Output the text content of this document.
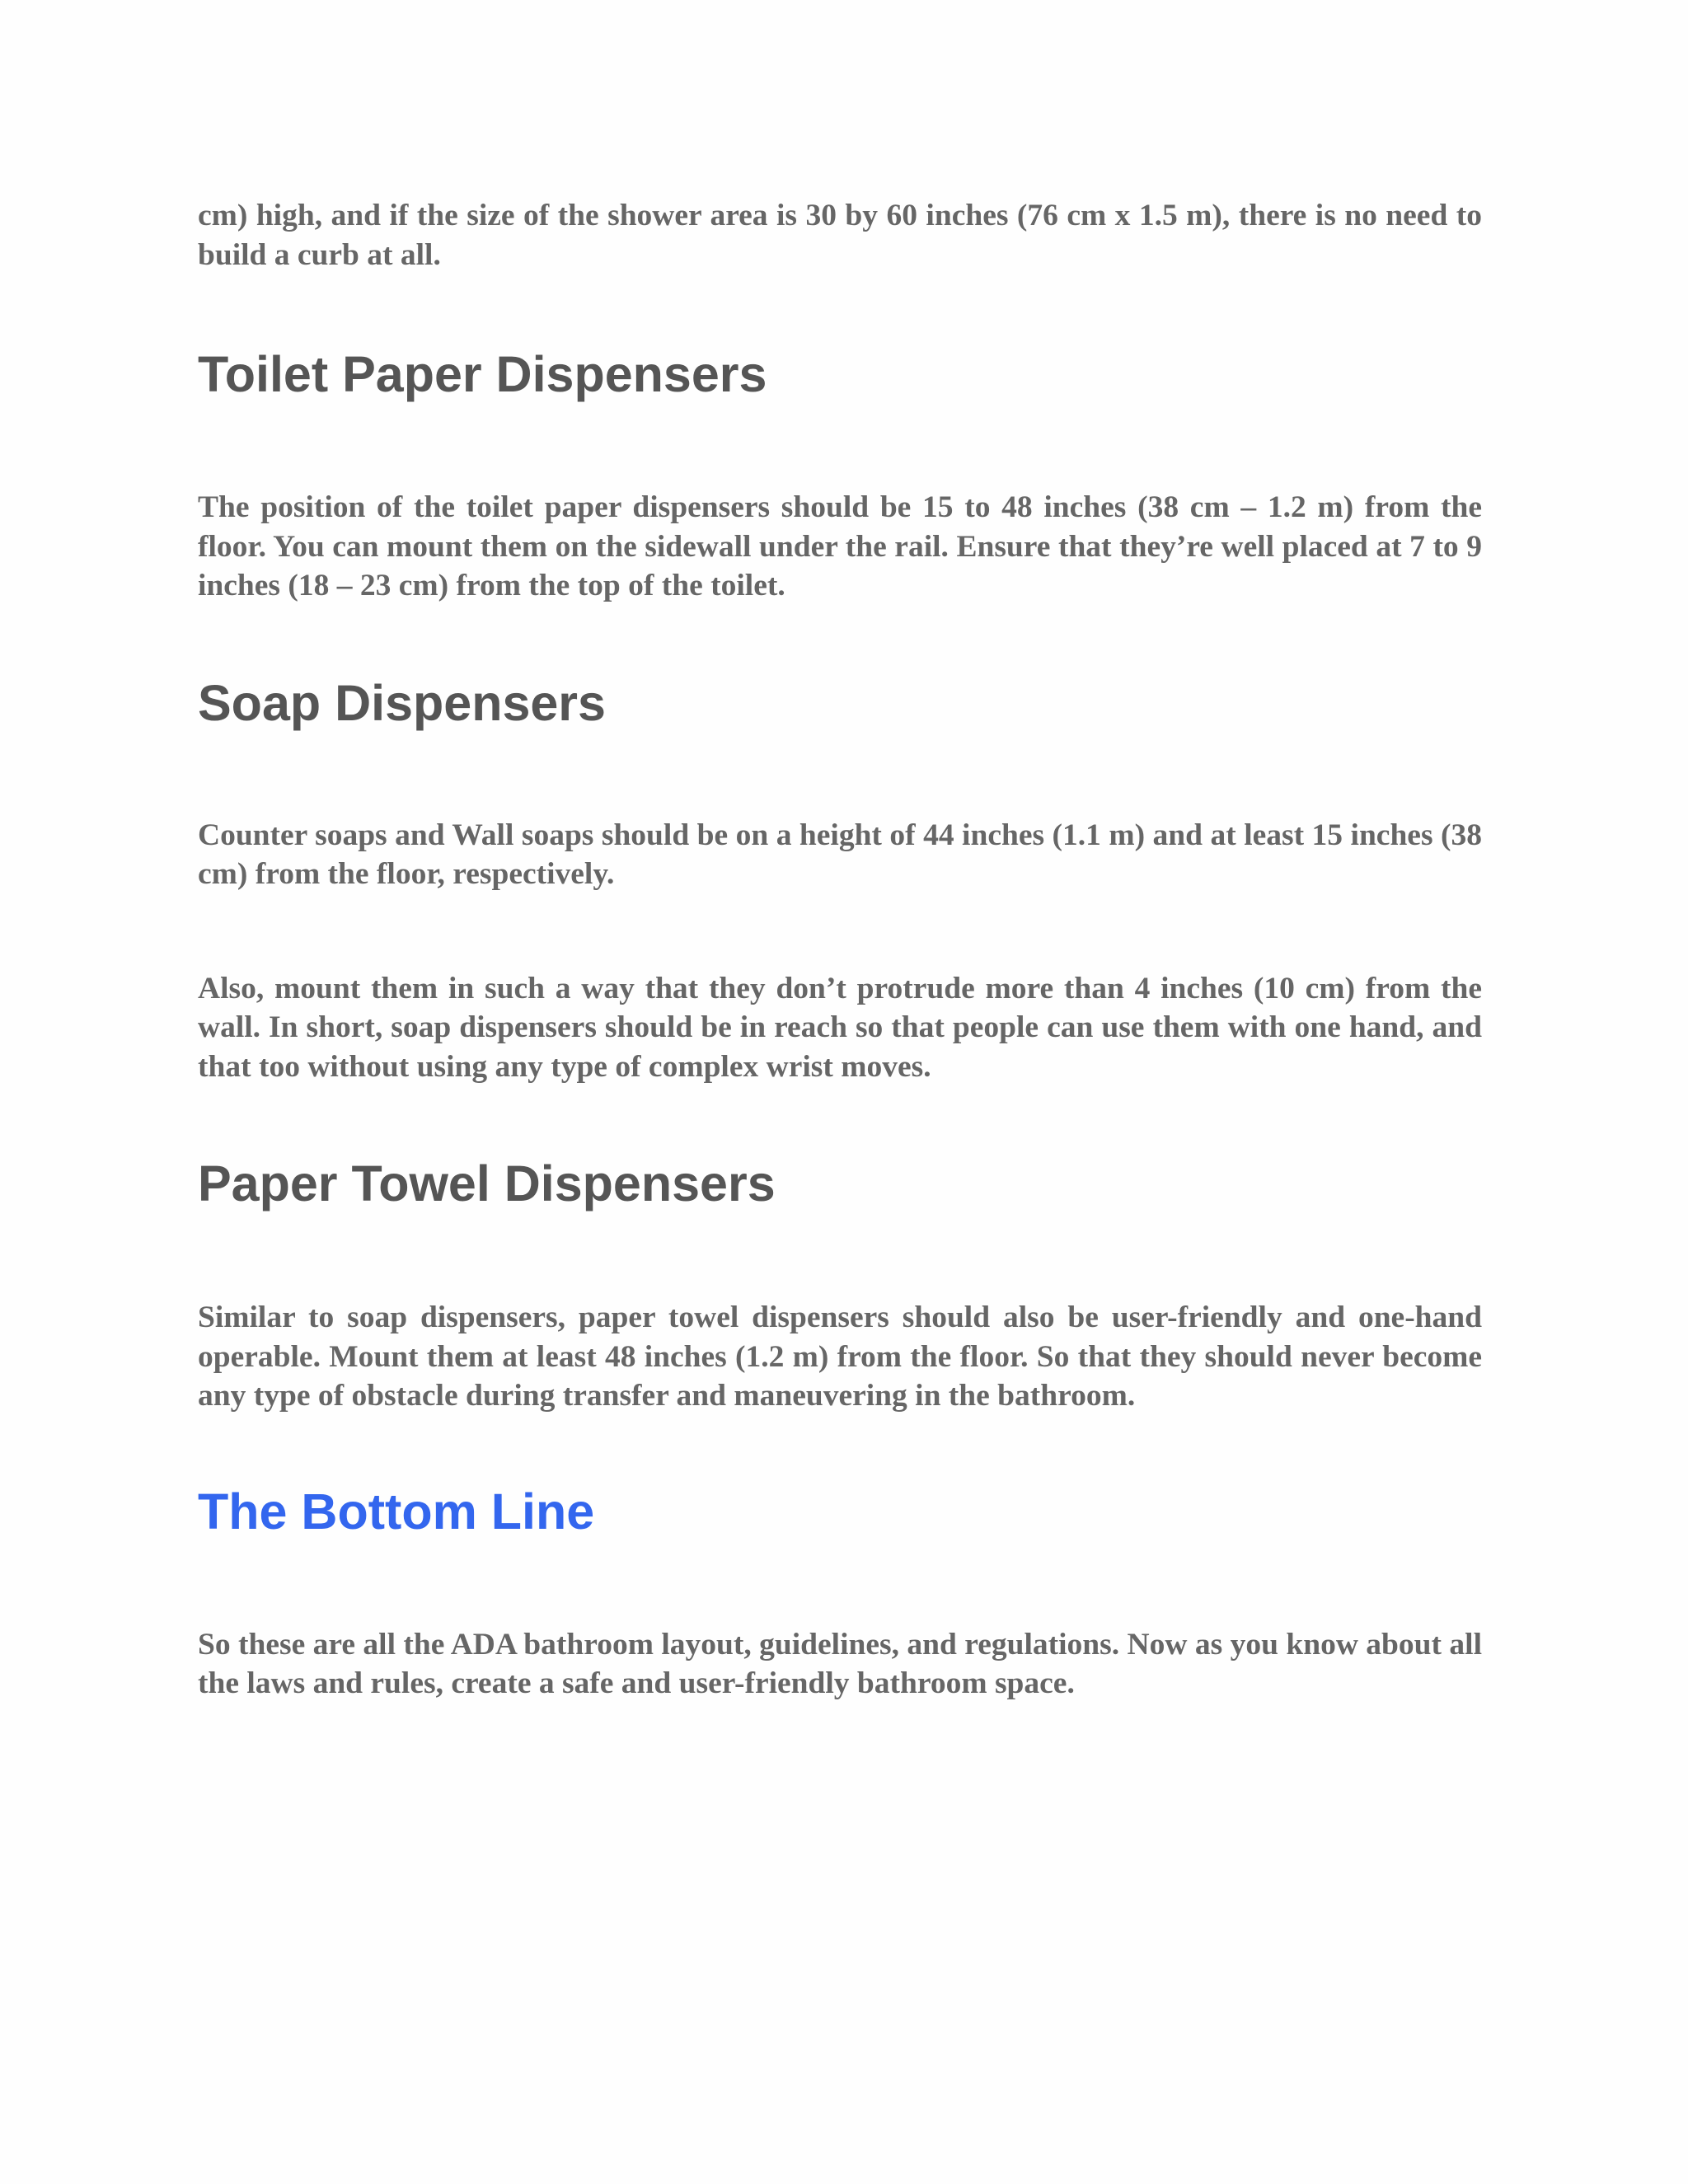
cm) high, and if the size of the shower area is 30 by 60 inches (76 cm x 1.5 m), there is no need to build a curb at all.

Toilet Paper Dispensers

The position of the toilet paper dispensers should be 15 to 48 inches (38 cm – 1.2 m) from the floor. You can mount them on the sidewall under the rail. Ensure that they’re well placed at 7 to 9 inches (18 – 23 cm) from the top of the toilet.

Soap Dispensers

Counter soaps and Wall soaps should be on a height of 44 inches (1.1 m) and at least 15 inches (38 cm) from the floor, respectively.

Also, mount them in such a way that they don’t protrude more than 4 inches (10 cm) from the wall. In short, soap dispensers should be in reach so that people can use them with one hand, and that too without using any type of complex wrist moves.

Paper Towel Dispensers

Similar to soap dispensers, paper towel dispensers should also be user-friendly and one-hand operable. Mount them at least 48 inches (1.2 m) from the floor. So that they should never become any type of obstacle during transfer and maneuvering in the bathroom.

The Bottom Line

So these are all the ADA bathroom layout, guidelines, and regulations. Now as you know about all the laws and rules, create a safe and user-friendly bathroom space.
